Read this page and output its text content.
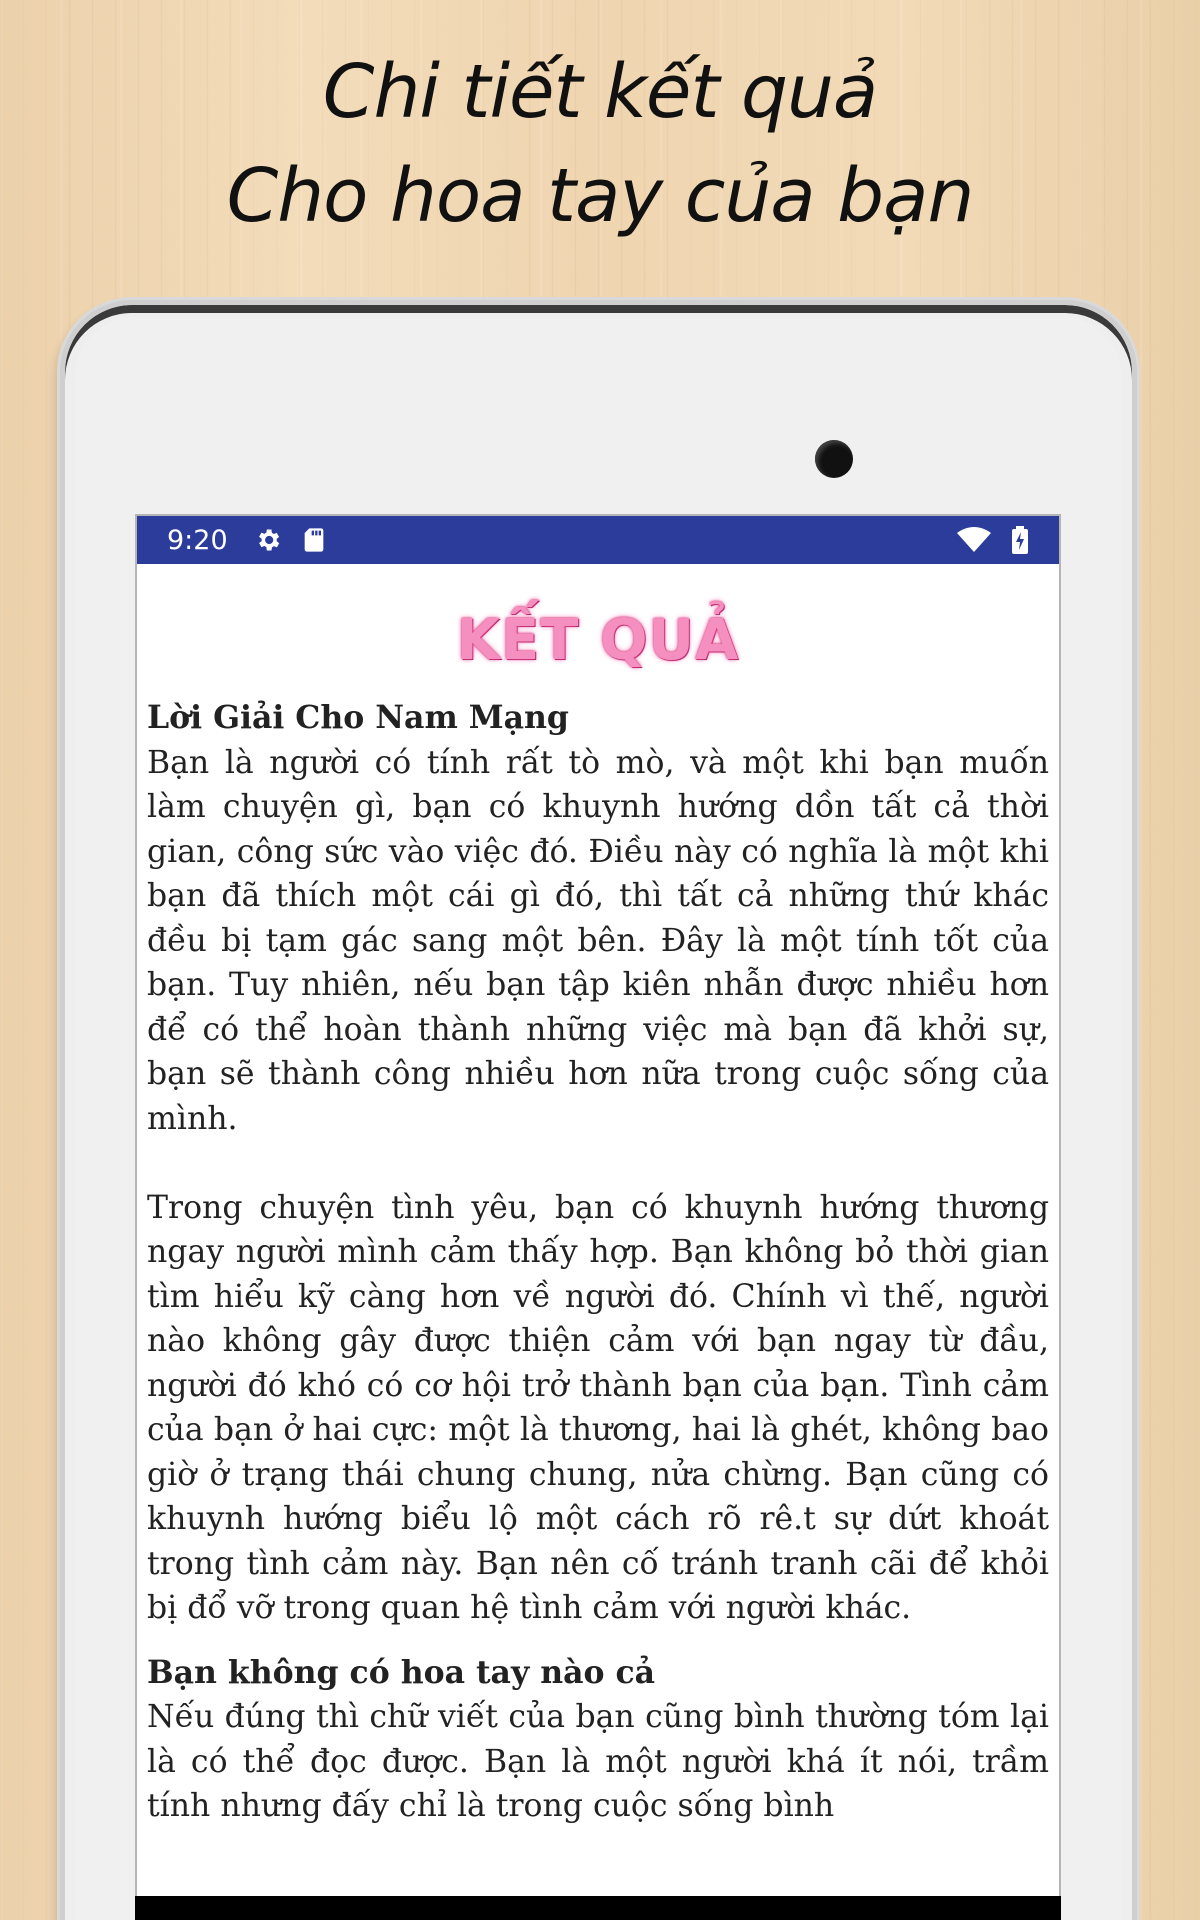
Chi tiết kết quả
Cho hoa tay của bạn
9:20
KẾT QUẢ
Lời Giải Cho Nam Mạng

Bạn là người có tính rất tò mò, và một khi bạn muốn làm chuyện gì, bạn có khuynh hướng dồn tất cả thời gian, công sức vào việc đó. Điều này có nghĩa là một khi bạn đã thích một cái gì đó, thì tất cả những thứ khác đều bị tạm gác sang một bên. Đây là một tính tốt của bạn. Tuy nhiên, nếu bạn tập kiên nhẫn được nhiều hơn để có thể hoàn thành những việc mà bạn đã khởi sự, bạn sẽ thành công nhiều hơn nữa trong cuộc sống của mình.

Trong chuyện tình yêu, bạn có khuynh hướng thương ngay người mình cảm thấy hợp. Bạn không bỏ thời gian tìm hiểu kỹ càng hơn về người đó. Chính vì thế, người nào không gây được thiện cảm với bạn ngay từ đầu, người đó khó có cơ hội trở thành bạn của bạn. Tình cảm của bạn ở hai cực: một là thương, hai là ghét, không bao giờ ở trạng thái chung chung, nửa chừng. Bạn cũng có khuynh hướng biểu lộ một cách rõ rê.t sự dứt khoát trong tình cảm này. Bạn nên cố tránh tranh cãi để khỏi bị đổ vỡ trong quan hệ tình cảm với người khác.

Bạn không có hoa tay nào cả

Nếu đúng thì chữ viết của bạn cũng bình thường tóm lại là có thể đọc được. Bạn là một người khá ít nói, trầm tính nhưng đấy chỉ là trong cuộc sống bình
